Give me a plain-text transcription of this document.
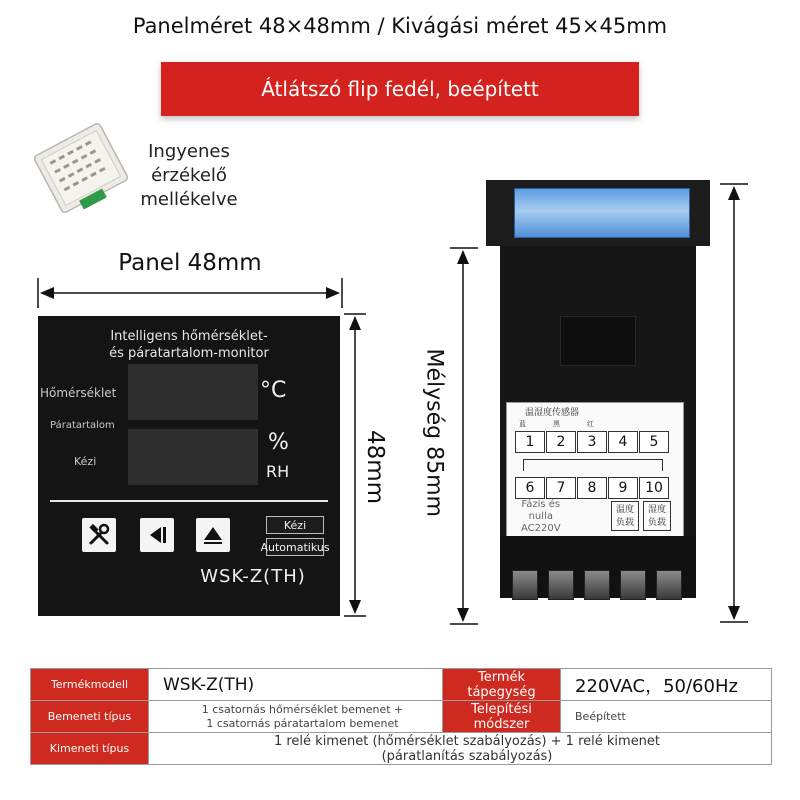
Panelméret 48×48mm / Kivágási méret 45×45mm
Átlátszó flip fedél, beépített
Ingyenes
érzékelő
mellékelve
Panel 48mm
Intelligens hőmérséklet-
és páratartalom-monitor
Hőmérséklet
Páratartalom
Kézi
°C
%
RH
Kézi
Automatikus
WSK-Z(TH)
48mm Mélység 85mm	温湿度传感器
蓝	黑	红
1	2	3	4	5
6	7	8	9	10
Fázis és
nulla
AC220V
温度
负载
湿度
负载
Termékmodell	WSK-Z(TH)	Termék tápegység	220VAC，50/60Hz
Bemeneti típus	1 csatornás hőmérséklet bemenet +
1 csatornás páratartalom bemenet	Telepítési módszer	Beépített
Kimeneti típus	1 relé kimenet (hőmérséklet szabályozás) + 1 relé kimenet
(páratlanítás szabályozás)		
